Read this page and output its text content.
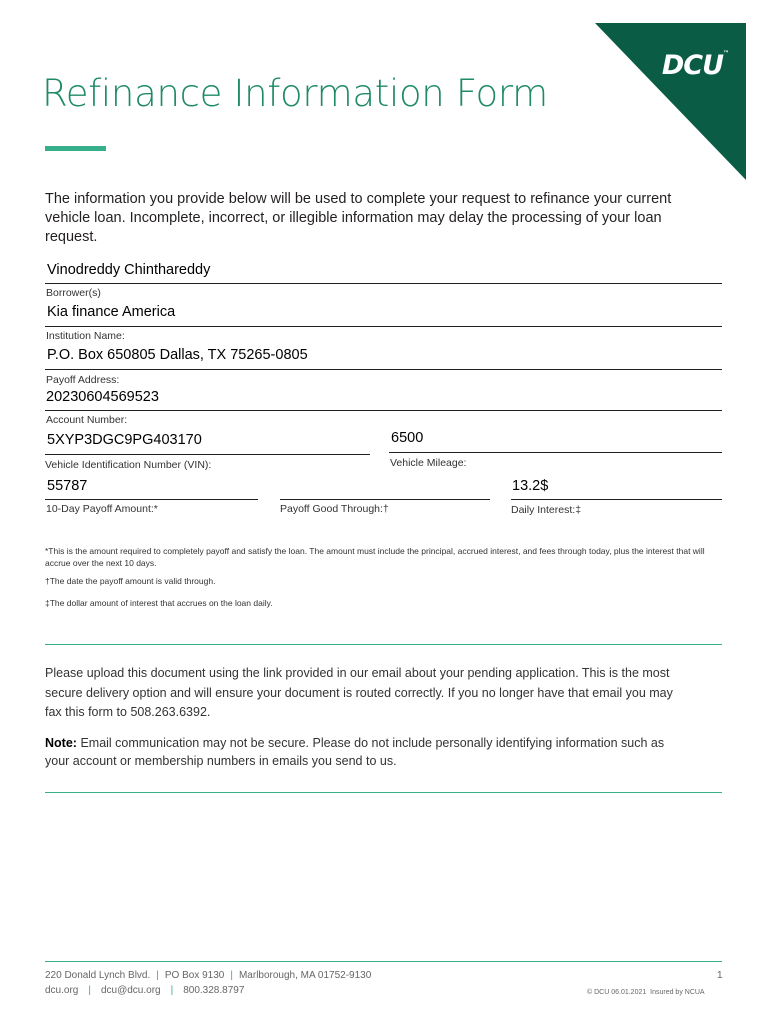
Refinance Information Form
DCU™
The information you provide below will be used to complete your request to refinance your current vehicle loan. Incomplete, incorrect, or illegible information may delay the processing of your loan request.
Vinodreddy Chinthareddy
Borrower(s)
Kia finance America
Institution Name:
P.O. Box 650805 Dallas, TX 75265-0805
Payoff Address:
20230604569523
Account Number:
5XYP3DGC9PG403170
Vehicle Identification Number (VIN):
6500
Vehicle Mileage:
55787
10-Day Payoff Amount:*	Payoff Good Through:†
13.2$
Daily Interest:‡
*This is the amount required to completely payoff and satisfy the loan. The amount must include the principal, accrued interest, and fees through today, plus the interest that will accrue over the next 10 days.
†The date the payoff amount is valid through.
‡The dollar amount of interest that accrues on the loan daily.
Please upload this document using the link provided in our email about your pending application. This is the most secure delivery option and will ensure your document is routed correctly. If you no longer have that email you may fax this form to 508.263.6392.
Note: Email communication may not be secure. Please do not include personally identifying information such as your account or membership numbers in emails you send to us.
220 Donald Lynch Blvd. | PO Box 9130 | Marlborough, MA 01752-9130
dcu.org | dcu@dcu.org | 800.328.8797
1
© DCU 06.01.2021 Insured by NCUA
